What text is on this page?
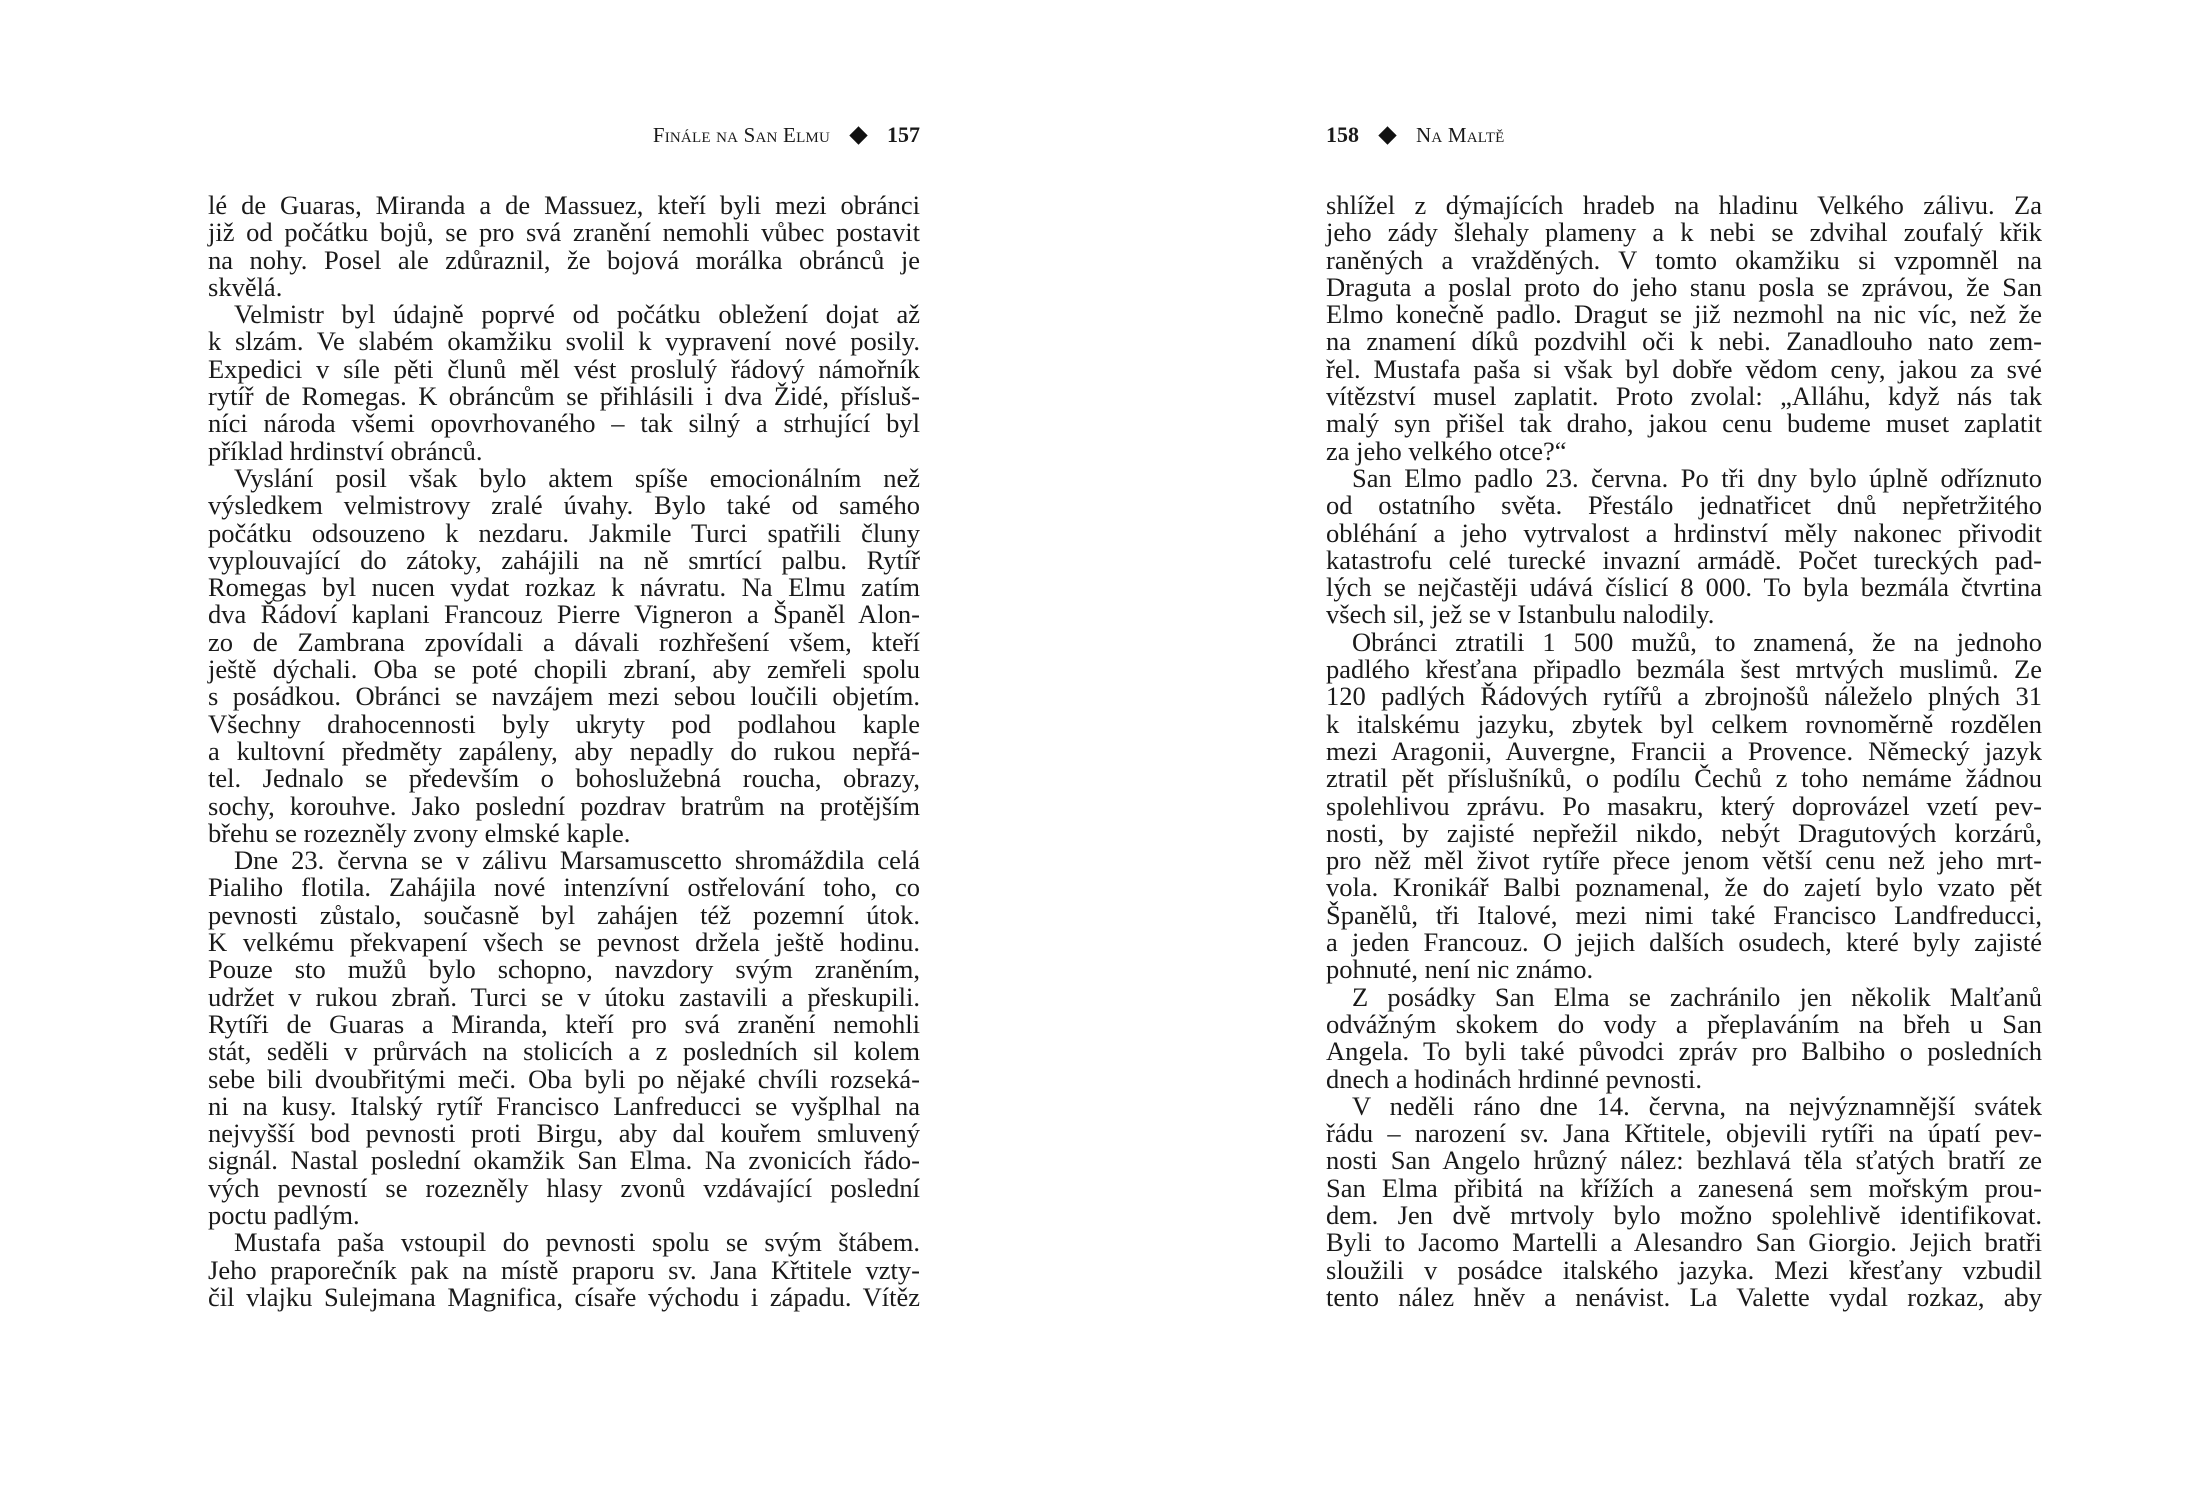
Finále na San Elmu	157
lé de Guaras, Miranda a de Massuez, kteří byli mezi obránci
již od počátku bojů, se pro svá zranění nemohli vůbec postavit
na nohy. Posel ale zdůraznil, že bojová morálka obránců je
skvělá.
Velmistr byl údajně poprvé od počátku obležení dojat až
k slzám. Ve slabém okamžiku svolil k vypravení nové posily.
Expedici v síle pěti člunů měl vést proslulý řádový námořník
rytíř de Romegas. K obráncům se přihlásili i dva Židé, přísluš-
níci národa všemi opovrhovaného – tak silný a strhující byl
příklad hrdinství obránců.
Vyslání posil však bylo aktem spíše emocionálním než
výsledkem velmistrovy zralé úvahy. Bylo také od samého
počátku odsouzeno k nezdaru. Jakmile Turci spatřili čluny
vyplouvající do zátoky, zahájili na ně smrtící palbu. Rytíř
Romegas byl nucen vydat rozkaz k návratu. Na Elmu zatím
dva Řádoví kaplani Francouz Pierre Vigneron a Španěl Alon-
zo de Zambrana zpovídali a dávali rozhřešení všem, kteří
ještě dýchali. Oba se poté chopili zbraní, aby zemřeli spolu
s posádkou. Obránci se navzájem mezi sebou loučili objetím.
Všechny drahocennosti byly ukryty pod podlahou kaple
a kultovní předměty zapáleny, aby nepadly do rukou nepřá-
tel. Jednalo se především o bohoslužebná roucha, obrazy,
sochy, korouhve. Jako poslední pozdrav bratrům na protějším
břehu se rozezněly zvony elmské kaple.
Dne 23. června se v zálivu Marsamuscetto shromáždila celá
Pialiho flotila. Zahájila nové intenzívní ostřelování toho, co
pevnosti zůstalo, současně byl zahájen též pozemní útok.
K velkému překvapení všech se pevnost držela ještě hodinu.
Pouze sto mužů bylo schopno, navzdory svým zraněním,
udržet v rukou zbraň. Turci se v útoku zastavili a přeskupili.
Rytíři de Guaras a Miranda, kteří pro svá zranění nemohli
stát, seděli v průrvách na stolicích a z posledních sil kolem
sebe bili dvoubřitými meči. Oba byli po nějaké chvíli rozseká-
ni na kusy. Italský rytíř Francisco Lanfreducci se vyšplhal na
nejvyšší bod pevnosti proti Birgu, aby dal kouřem smluvený
signál. Nastal poslední okamžik San Elma. Na zvonicích řádo-
vých pevností se rozezněly hlasy zvonů vzdávající poslední
poctu padlým.
Mustafa paša vstoupil do pevnosti spolu se svým štábem.
Jeho praporečník pak na místě praporu sv. Jana Křtitele vzty-
čil vlajku Sulejmana Magnifica, císaře východu i západu. Vítěz
158	Na Maltě
shlížel z dýmajících hradeb na hladinu Velkého zálivu. Za
jeho zády šlehaly plameny a k nebi se zdvihal zoufalý křik
raněných a vražděných. V tomto okamžiku si vzpomněl na
Draguta a poslal proto do jeho stanu posla se zprávou, že San
Elmo konečně padlo. Dragut se již nezmohl na nic víc, než že
na znamení díků pozdvihl oči k nebi. Zanadlouho nato zem-
řel. Mustafa paša si však byl dobře vědom ceny, jakou za své
vítězství musel zaplatit. Proto zvolal: „Alláhu, když nás tak
malý syn přišel tak draho, jakou cenu budeme muset zaplatit
za jeho velkého otce?“
San Elmo padlo 23. června. Po tři dny bylo úplně odříznuto
od ostatního světa. Přestálo jednatřicet dnů nepřetržitého
obléhání a jeho vytrvalost a hrdinství měly nakonec přivodit
katastrofu celé turecké invazní armádě. Počet tureckých pad-
lých se nejčastěji udává číslicí 8 000. To byla bezmála čtvrtina
všech sil, jež se v Istanbulu nalodily.
Obránci ztratili 1 500 mužů, to znamená, že na jednoho
padlého křesťana připadlo bezmála šest mrtvých muslimů. Ze
120 padlých Řádových rytířů a zbrojnošů náleželo plných 31
k italskému jazyku, zbytek byl celkem rovnoměrně rozdělen
mezi Aragonii, Auvergne, Francii a Provence. Německý jazyk
ztratil pět příslušníků, o podílu Čechů z toho nemáme žádnou
spolehlivou zprávu. Po masakru, který doprovázel vzetí pev-
nosti, by zajisté nepřežil nikdo, nebýt Dragutových korzárů,
pro něž měl život rytíře přece jenom větší cenu než jeho mrt-
vola. Kronikář Balbi poznamenal, že do zajetí bylo vzato pět
Španělů, tři Italové, mezi nimi také Francisco Landfreducci,
a jeden Francouz. O jejich dalších osudech, které byly zajisté
pohnuté, není nic známo.
Z posádky San Elma se zachránilo jen několik Malťanů
odvážným skokem do vody a přeplaváním na břeh u San
Angela. To byli také původci zpráv pro Balbiho o posledních
dnech a hodinách hrdinné pevnosti.
V neděli ráno dne 14. června, na nejvýznamnější svátek
řádu – narození sv. Jana Křtitele, objevili rytíři na úpatí pev-
nosti San Angelo hrůzný nález: bezhlavá těla sťatých bratří ze
San Elma přibitá na křížích a zanesená sem mořským prou-
dem. Jen dvě mrtvoly bylo možno spolehlivě identifikovat.
Byli to Jacomo Martelli a Alesandro San Giorgio. Jejich bratři
sloužili v posádce italského jazyka. Mezi křesťany vzbudil
tento nález hněv a nenávist. La Valette vydal rozkaz, aby
